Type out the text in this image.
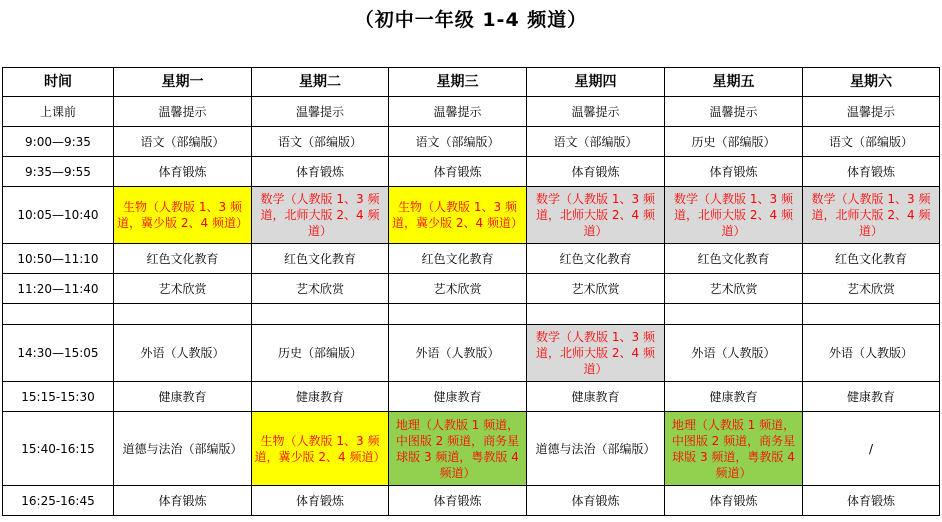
（初中一年级 1-4 频道）
时间	星期一	星期二	星期三	星期四	星期五	星期六
上课前	温馨提示	温馨提示	温馨提示	温馨提示	温馨提示	温馨提示
9:00—9:35	语文（部编版）	语文（部编版）	语文（部编版）	语文（部编版）	历史（部编版）	语文（部编版）
9:35—9:55	体育锻炼	体育锻炼	体育锻炼	体育锻炼	体育锻炼	体育锻炼
10:05—10:40	生物（人教版 1、3 频道，冀少版 2、4 频道）	数学（人教版 1、3 频道，北师大版 2、4 频道）	生物（人教版 1、3 频道，冀少版 2、4 频道）	数学（人教版 1、3 频道，北师大版 2、4 频道）	数学（人教版 1、3 频道，北师大版 2、4 频道）	数学（人教版 1、3 频道，北师大版 2、4 频道）
10:50—11:10	红色文化教育	红色文化教育	红色文化教育	红色文化教育	红色文化教育	红色文化教育
11:20—11:40	艺术欣赏	艺术欣赏	艺术欣赏	艺术欣赏	艺术欣赏	艺术欣赏

14:30—15:05	外语（人教版）	历史（部编版）	外语（人教版）	数学（人教版 1、3 频道，北师大版 2、4 频道）	外语（人教版）	外语（人教版）
15:15-15:30	健康教育	健康教育	健康教育	健康教育	健康教育	健康教育
15:40-16:15	道德与法治（部编版）	生物（人教版 1、3 频道，冀少版 2、4 频道）	地理（人教版 1 频道，中图版 2 频道，商务星球版 3 频道，粤教版 4 频道）	道德与法治（部编版）	地理（人教版 1 频道，中图版 2 频道，商务星球版 3 频道，粤教版 4 频道）	/
16:25-16:45	体育锻炼	体育锻炼	体育锻炼	体育锻炼	体育锻炼	体育锻炼
